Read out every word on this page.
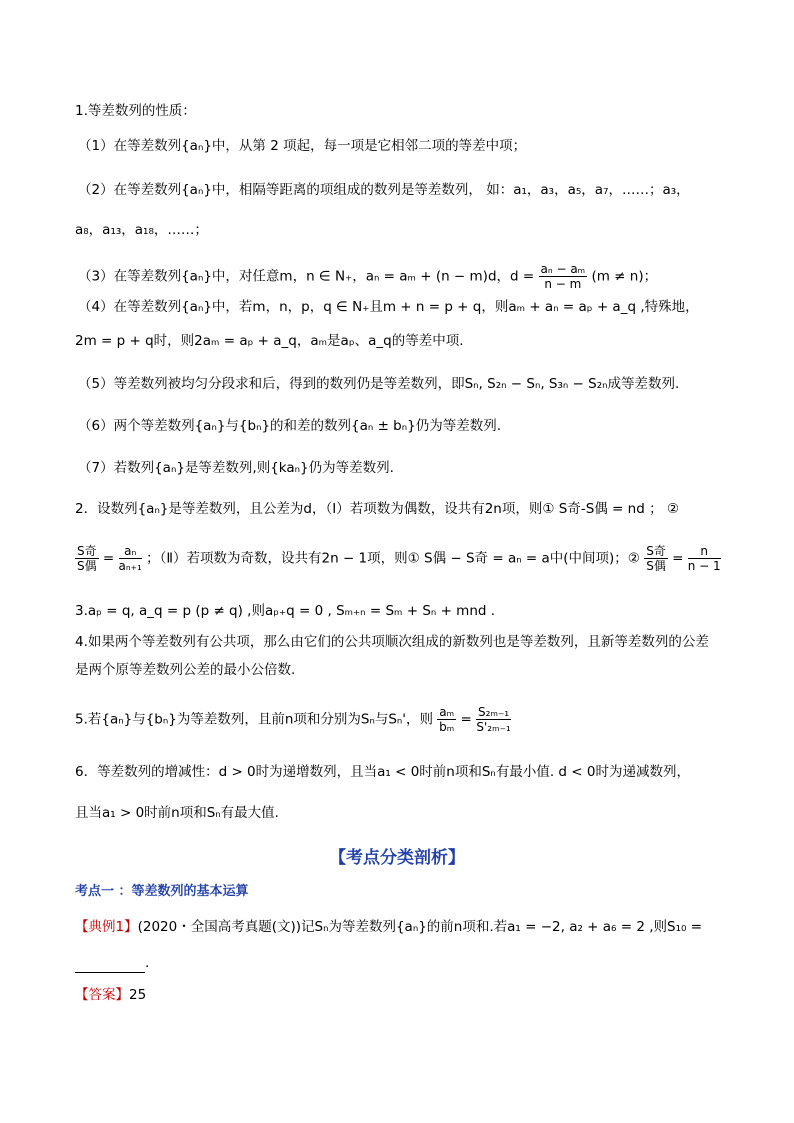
1.等差数列的性质：
（1）在等差数列{aₙ}中，从第 2 项起，每一项是它相邻二项的等差中项；
（2）在等差数列{aₙ}中，相隔等距离的项组成的数列是等差数列， 如：a₁，a₃，a₅，a₇，……；a₃，
a₈，a₁₃，a₁₈，……；
（3）在等差数列{aₙ}中，对任意m，n ∈ N₊，aₙ = aₘ + (n − m)d，$d = \frac{\text{aₙ − aₘ}}{n - m} (m \ne n)$；
（4）在等差数列{aₙ}中，若m，n，p，q ∈ N₊且m + n = p + q，则aₘ + aₙ = aₚ + a_q ,特殊地，
2m = p + q时，则2aₘ = aₚ + a_q，aₘ是aₚ、a_q的等差中项.
（5）等差数列被均匀分段求和后，得到的数列仍是等差数列，即Sₙ, S₂ₙ − Sₙ, S₃ₙ − S₂ₙ成等差数列.
（6）两个等差数列{aₙ}与{bₙ}的和差的数列{aₙ ± bₙ}仍为等差数列.
（7）若数列{aₙ}是等差数列,则{kaₙ}仍为等差数列.
2．设数列{aₙ}是等差数列，且公差为d，（Ⅰ）若项数为偶数，设共有2n项，则① S奇-S偶 = nd ； ②
$\frac{\text{S奇}}{\text{S偶}} = \frac{\text{aₙ}}{\text{aₙ₊₁}}$ ；（Ⅱ）若项数为奇数，设共有2n − 1项，则① S偶 − S奇 = aₙ = a中(中间项)；② $\frac{\text{S奇}}{\text{S偶}} = \frac{n}{n - 1}$
3.aₚ = q, a_q = p (p ≠ q) ,则aₚ₊q = 0 , Sₘ₊ₙ = Sₘ + Sₙ + mnd .
4.如果两个等差数列有公共项，那么由它们的公共项顺次组成的新数列也是等差数列，且新等差数列的公差
是两个原等差数列公差的最小公倍数.
5.若{aₙ}与{bₙ}为等差数列，且前n项和分别为Sₙ与Sₙ'，则 $\frac{\text{aₘ}}{\text{bₘ}} = \frac{\text{S₂ₘ₋₁}}{\text{S'₂ₘ₋₁}}$
6．等差数列的增减性：d > 0时为递增数列，且当a₁ < 0时前n项和Sₙ有最小值. d < 0时为递减数列，
且当a₁ > 0时前n项和Sₙ有最大值.
【考点分类剖析】
考点一 ：等差数列的基本运算
【典例1】(2020・全国高考真题(文))记Sₙ为等差数列{aₙ}的前n项和.若a₁ = −2, a₂ + a₆ = 2 ,则S₁₀ =
.
【答案】25
